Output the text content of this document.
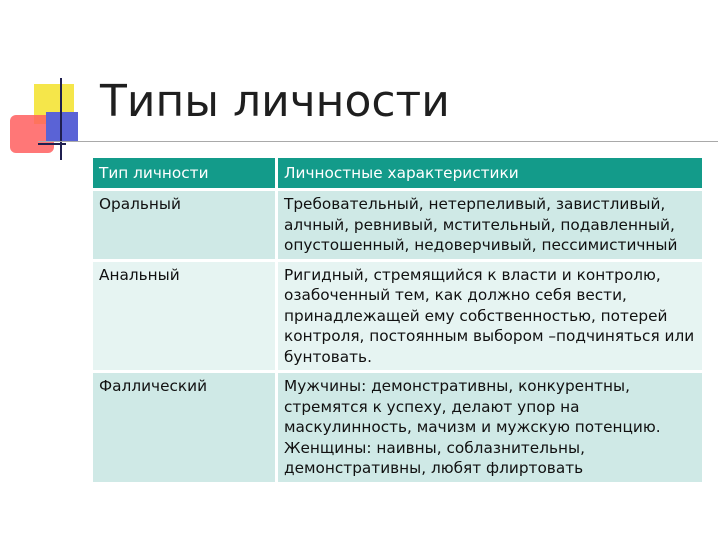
Типы личности
Тип личности	Личностные характеристики
Оральный	Требовательный, нетерпеливый, завистливый, алчный, ревнивый, мстительный, подавленный, опустошенный, недоверчивый, пессимистичный
Анальный	Ригидный, стремящийся к власти и контролю, озабоченный тем, как должно себя вести, принадлежащей ему собственностью, потерей контроля, постоянным выбором –подчиняться или бунтовать.
Фаллический	Мужчины: демонстративны, конкурентны, стремятся к успеху, делают упор на маскулинность, мачизм и мужскую потенцию. Женщины: наивны, соблазнительны, демонстративны, любят флиртовать
